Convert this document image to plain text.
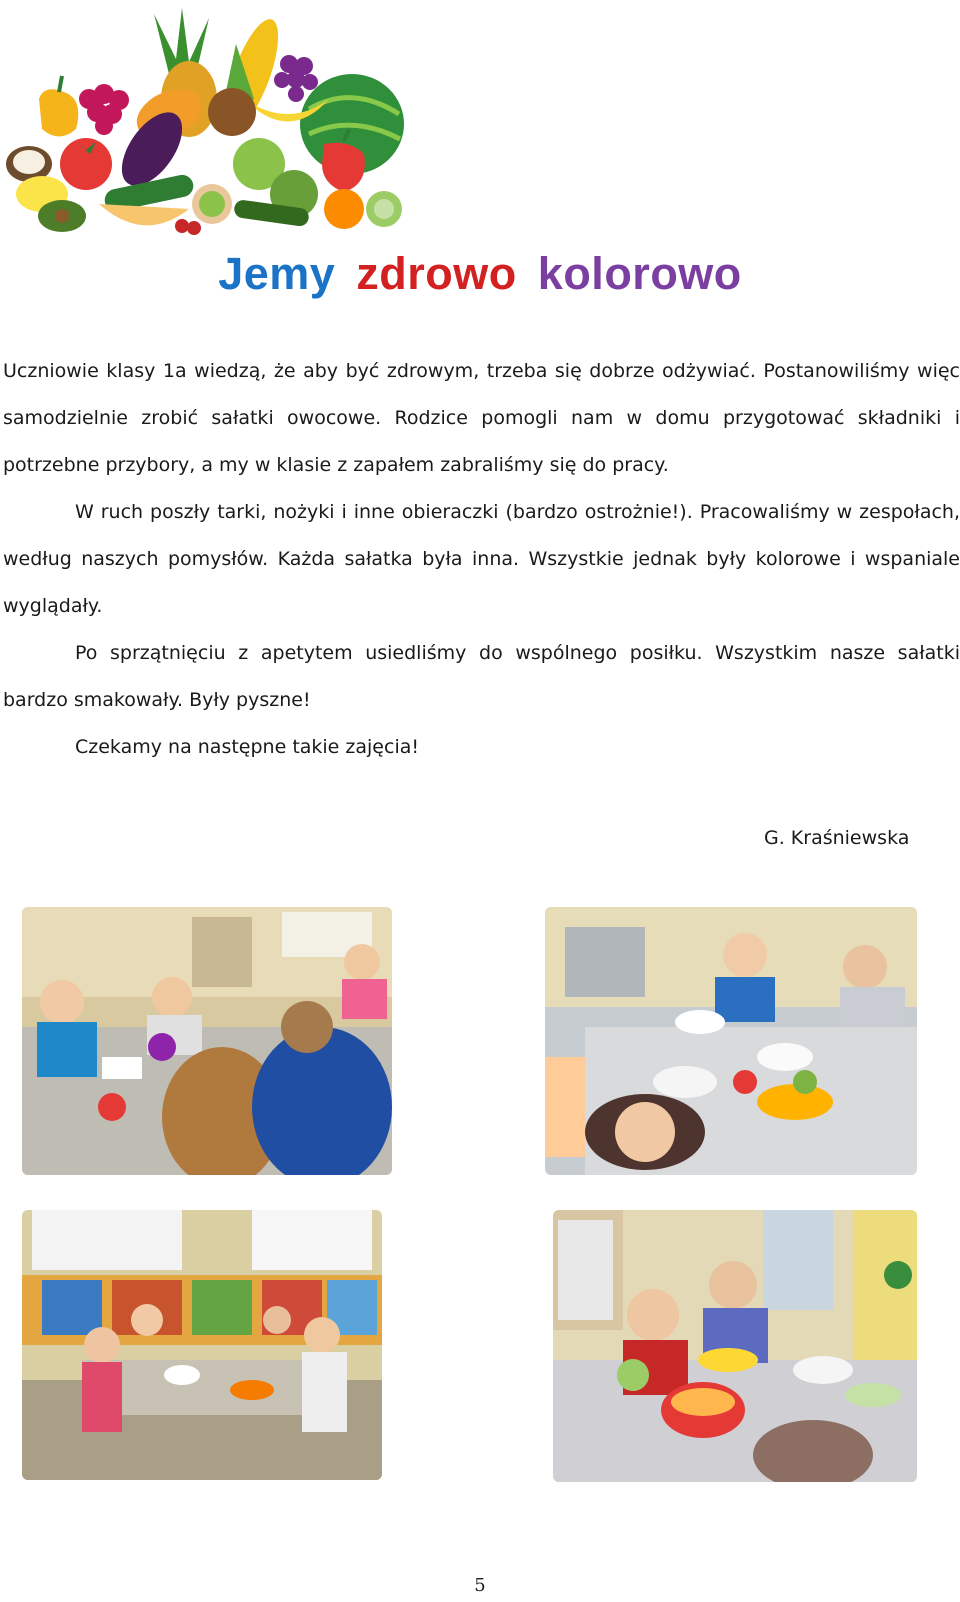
Jemy zdrowo kolorowo

Uczniowie klasy 1a wiedzą, że aby być zdrowym, trzeba się dobrze odżywiać. Postanowiliśmy więc samodzielnie zrobić sałatki owocowe. Rodzice pomogli nam w domu przygotować składniki i potrzebne przybory, a my w klasie z zapałem zabraliśmy się do pracy.

W ruch poszły tarki, nożyki i inne obieraczki (bardzo ostrożnie!). Pracowaliśmy w zespołach, według naszych pomysłów. Każda sałatka była inna. Wszystkie jednak były kolorowe i wspaniale wyglądały.

Po sprzątnięciu z apetytem usiedliśmy do wspólnego posiłku. Wszystkim nasze sałatki bardzo smakowały. Były pyszne!

Czekamy na następne takie zajęcia!

G. Kraśniewska
5
